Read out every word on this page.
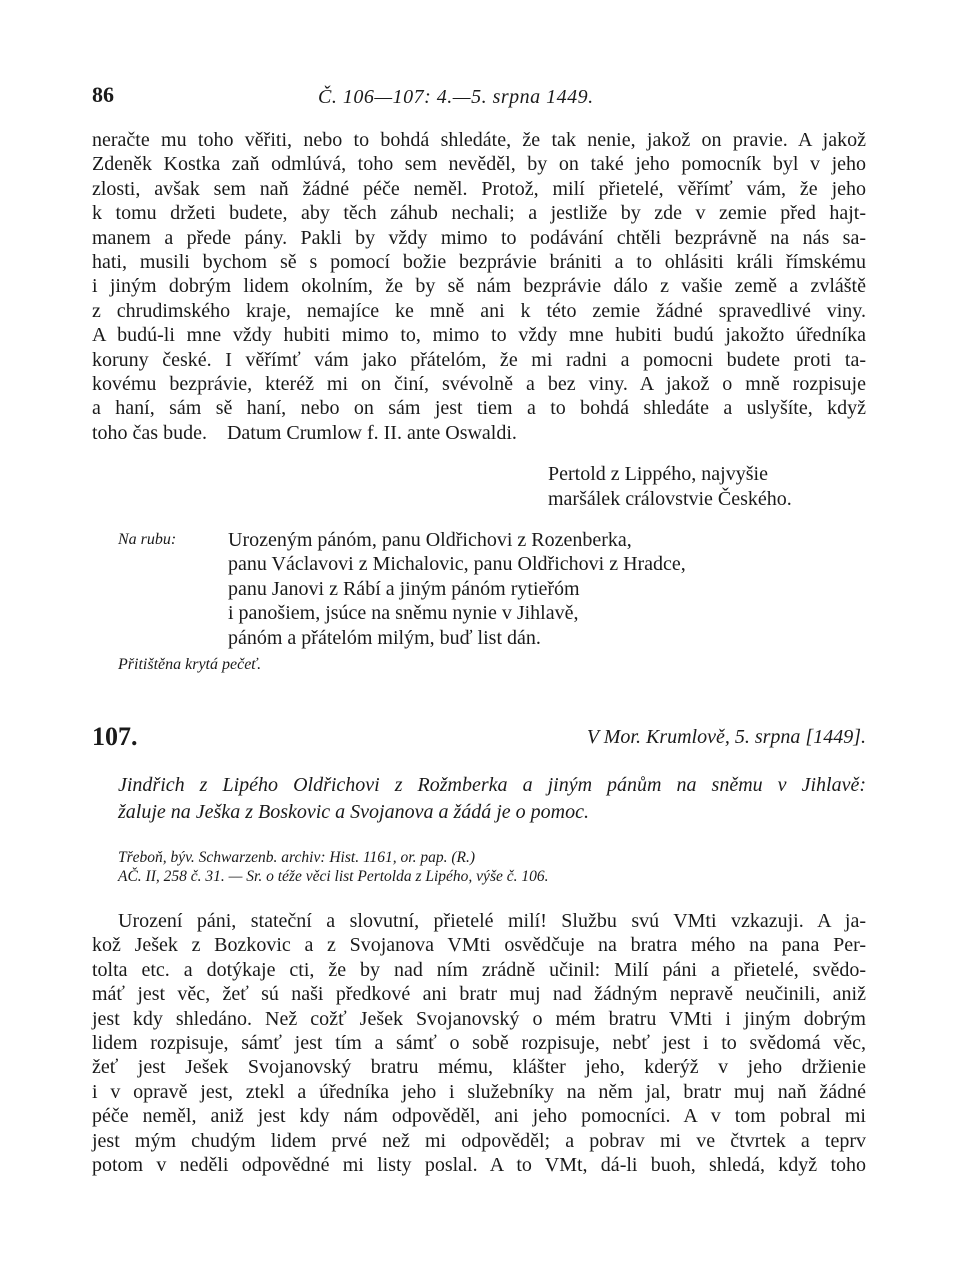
86	Č. 106—107: 4.—5. srpna 1449.
neračte mu toho věřiti, nebo to bohdá shledáte, že tak nenie, jakož on pravie. A jakož
Zdeněk Kostka zaň odmlúvá, toho sem nevěděl, by on také jeho pomocník byl v jeho
zlosti, avšak sem naň žádné péče neměl. Protož, milí přietelé, věřímť vám, že jeho
k tomu držeti budete, aby těch záhub nechali; a jestliže by zde v zemie před hajt-
manem a přede pány. Pakli by vždy mimo to podávání chtěli bezprávně na nás sa-
hati, musili bychom sě s pomocí božie bezprávie brániti a to ohlásiti králi římskému
i jiným dobrým lidem okolním, že by sě nám bezprávie dálo z vašie země a zvláště
z chrudimského kraje, nemajíce ke mně ani k této zemie žádné spravedlivé viny.
A budú-li mne vždy hubiti mimo to, mimo to vždy mne hubiti budú jakožto úředníka
koruny české. I věřímť vám jako přátelóm, že mi radni a pomocni budete proti ta-
kovému bezprávie, kteréž mi on činí, svévolně a bez viny. A jakož o mně rozpisuje
a haní, sám sě haní, nebo on sám jest tiem a to bohdá shledáte a uslyšíte, když
toho čas bude.    Datum Crumlow f. II. ante Oswaldi.
Pertold z Lippého, najvyšie
maršálek crálovstvie Českého.
Na rubu:	Urozeným pánóm, panu Oldřichovi z Rozenberka,
panu Václavovi z Michalovic, panu Oldřichovi z Hradce,
panu Janovi z Rábí a jiným pánóm rytieřóm
i panošiem, jsúce na sněmu nynie v Jihlavě,
pánóm a přátelóm milým, buď list dán.
Přitištěna krytá pečeť.
107.	V Mor. Krumlově, 5. srpna [1449].
Jindřich z Lipého Oldřichovi z Rožmberka a jiným pánům na sněmu v Jihlavě:
žaluje na Ješka z Boskovic a Svojanova a žádá je o pomoc.
Třeboň, býv. Schwarzenb. archiv: Hist. 1161, or. pap. (R.)
AČ. II, 258 č. 31. — Sr. o téže věci list Pertolda z Lipého, výše č. 106.
Urození páni, stateční a slovutní, přietelé milí! Službu svú VMti vzkazuji. A ja-
kož Ješek z Bozkovic a z Svojanova VMti osvědčuje na bratra mého na pana Per-
tolta etc. a dotýkaje cti, že by nad ním zrádně učinil: Milí páni a přietelé, svědo-
máť jest věc, žeť sú naši předkové ani bratr muj nad žádným nepravě neučinili, aniž
jest kdy shledáno. Než cožť Ješek Svojanovský o mém bratru VMti i jiným dobrým
lidem rozpisuje, sámť jest tím a sámť o sobě rozpisuje, nebť jest i to svědomá věc,
žeť jest Ješek Svojanovský bratru mému, klášter jeho, kderýž v jeho držienie
i v opravě jest, ztekl a úředníka jeho i služebníky na něm jal, bratr muj naň žádné
péče neměl, aniž jest kdy nám odpověděl, ani jeho pomocníci. A v tom pobral mi
jest mým chudým lidem prvé než mi odpověděl; a pobrav mi ve čtvrtek a teprv
potom v neděli odpovědné mi listy poslal. A to VMt, dá-li buoh, shledá, když toho
